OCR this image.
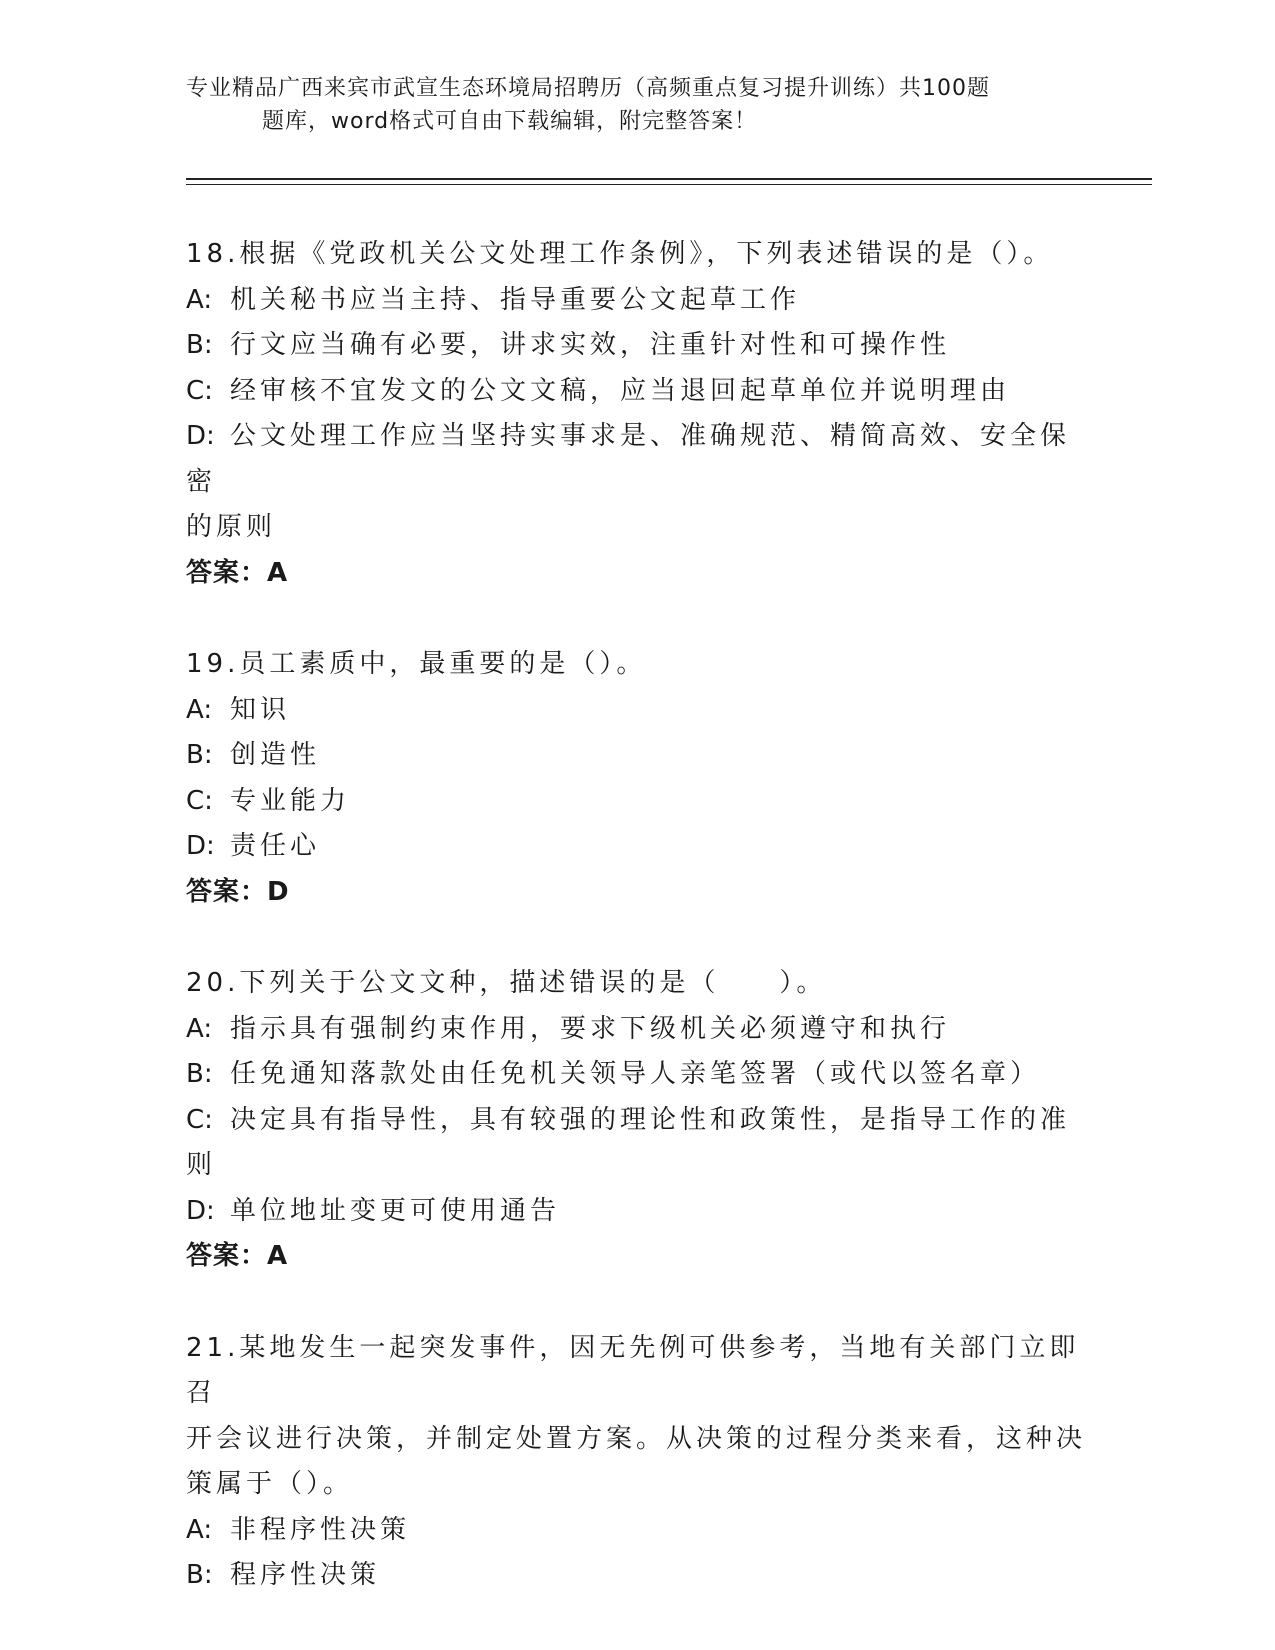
专业精品广西来宾市武宣生态环境局招聘历（高频重点复习提升训练）共100题
题库，word格式可自由下载编辑，附完整答案！
18.根据《党政机关公文处理工作条例》，下列表述错误的是（）。
A: 机关秘书应当主持、指导重要公文起草工作
B: 行文应当确有必要，讲求实效，注重针对性和可操作性
C: 经审核不宜发文的公文文稿，应当退回起草单位并说明理由
D: 公文处理工作应当坚持实事求是、准确规范、精简高效、安全保密
的原则
答案：A
19.员工素质中，最重要的是（）。
A: 知识
B: 创造性
C: 专业能力
D: 责任心
答案：D
20.下列关于公文文种，描述错误的是（　　）。
A: 指示具有强制约束作用，要求下级机关必须遵守和执行
B: 任免通知落款处由任免机关领导人亲笔签署（或代以签名章）
C: 决定具有指导性，具有较强的理论性和政策性，是指导工作的准则
D: 单位地址变更可使用通告
答案：A
21.某地发生一起突发事件，因无先例可供参考，当地有关部门立即召
开会议进行决策，并制定处置方案。从决策的过程分类来看，这种决
策属于（）。
A: 非程序性决策
B: 程序性决策
